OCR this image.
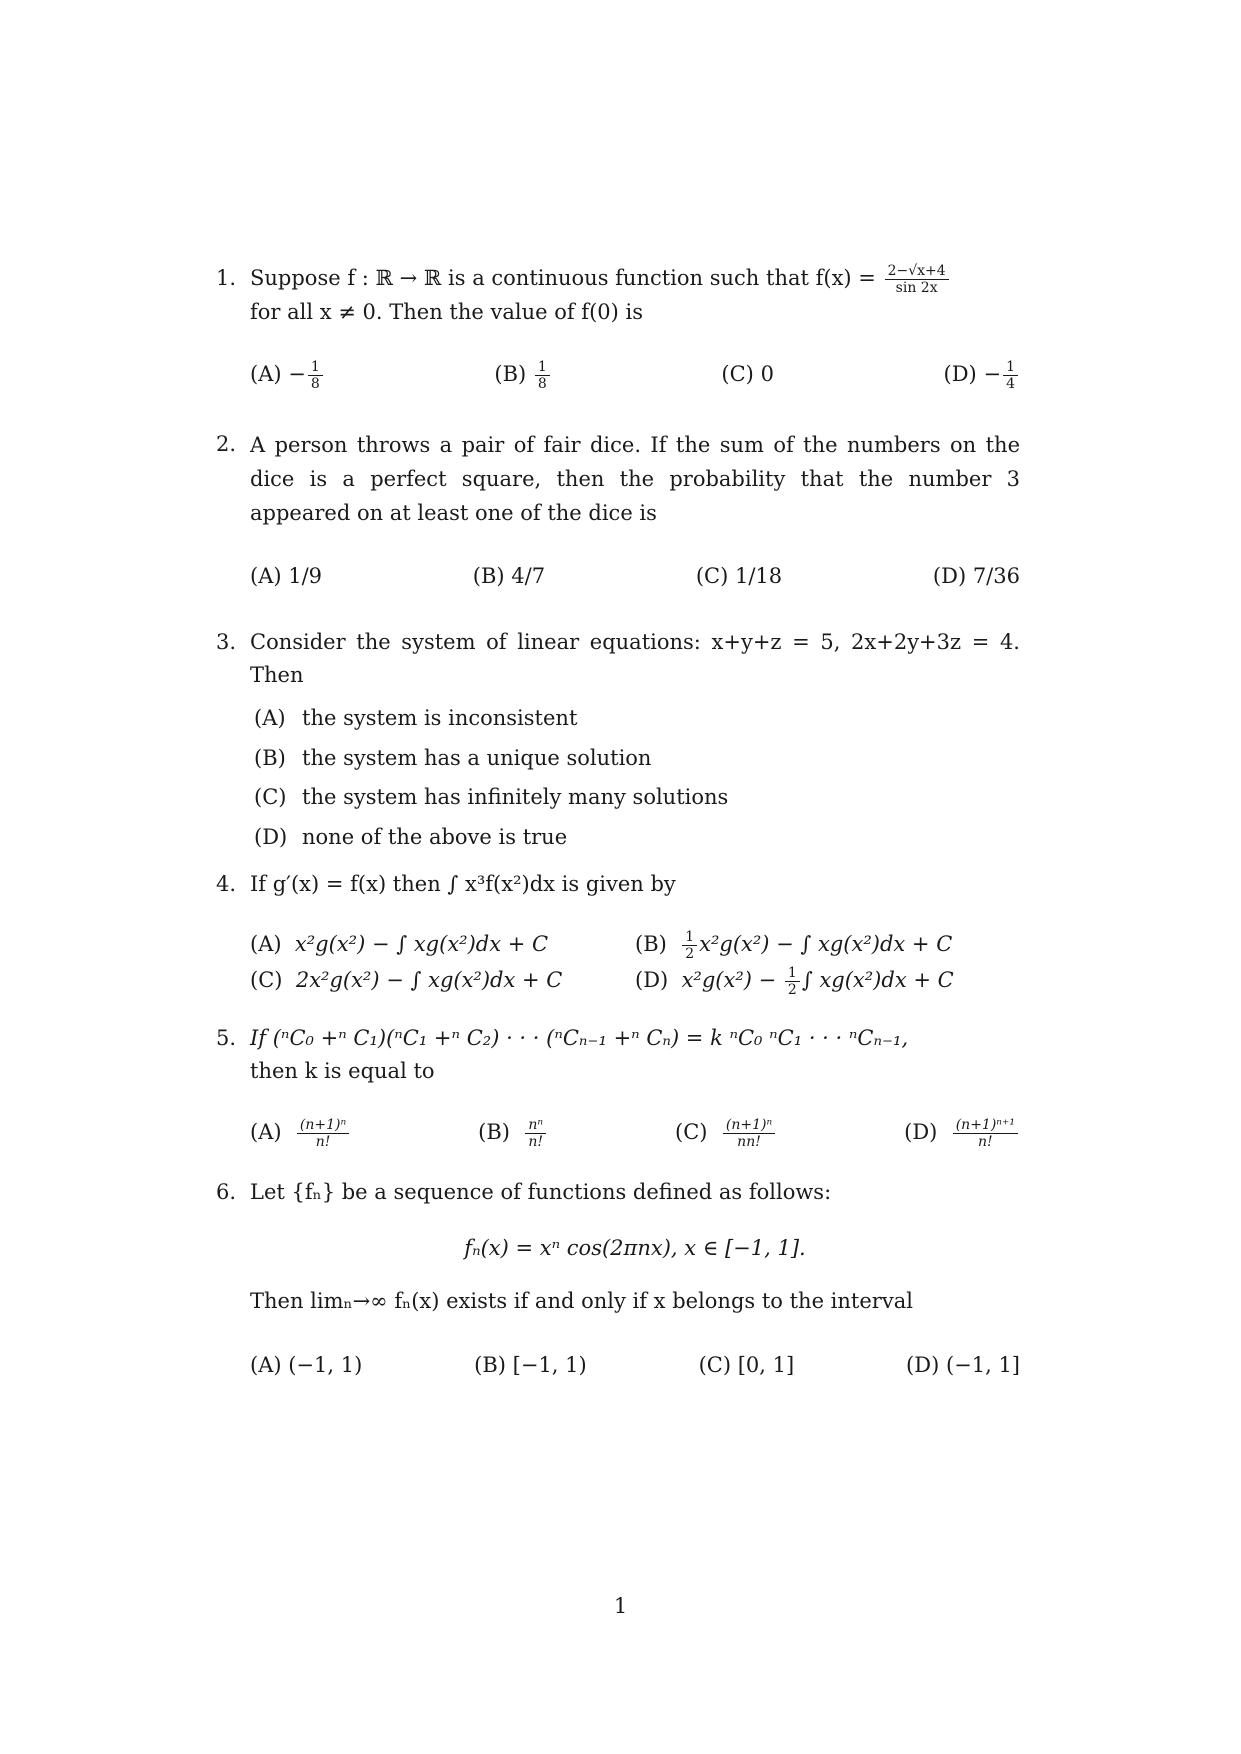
1. Suppose f : ℝ → ℝ is a continuous function such that $f(x) = \frac{2-√x+4}{\sin 2x}$

for all x ≠ 0. Then the value of f(0) is
$(A) - \frac{1}{8}$	$(B) \frac{1}{8}$	(C) 0	$(D) - \frac{1}{4}$
2. A person throws a pair of fair dice. If the sum of the numbers on the dice is a perfect square, then the probability that the number 3 appeared on at least one of the dice is
(A) 1/9	(B) 4/7	(C) 1/18	(D) 7/36
3. Consider the system of linear equations: x+y+z = 5, 2x+2y+3z = 4. Then
(A) the system is inconsistent
(B) the system has a unique solution
(C) the system has infinitely many solutions
(D) none of the above is true
4. If g′(x) = f(x) then ∫ x³f(x²)dx is given by
(A) x²g(x²) − ∫ xg(x²)dx + C	$(B) \frac{1}{2} x^2g(x^2)$ − ∫ xg(x²)dx + C
(C) 2x²g(x²) − ∫ xg(x²)dx + C	(D) $x^2g(x^2) - \frac{1}{2}$ ∫ xg(x²)dx + C
5. If (ⁿC₀ +ⁿ C₁)(ⁿC₁ +ⁿ C₂) · · · (ⁿCₙ₋₁ +ⁿ Cₙ) = k ⁿC₀ ⁿC₁ · · · ⁿCₙ₋₁,
then k is equal to
$(A) \frac{\text{(n+1)ⁿ}}{n!}$	$(B) \frac{\text{nⁿ}}{n!}$	$(C) \frac{\text{(n+1)ⁿ}}{nn!}$	$(D) \frac{\text{(n+1)ⁿ⁺¹}}{n!}$
6. Let {fₙ} be a sequence of functions defined as follows:
fₙ(x) = xⁿ cos(2πnx), x ∈ [−1, 1].
Then limₙ→∞ fₙ(x) exists if and only if x belongs to the interval
(A) (−1, 1)	(B) [−1, 1)	(C) [0, 1]	(D) (−1, 1]
1
